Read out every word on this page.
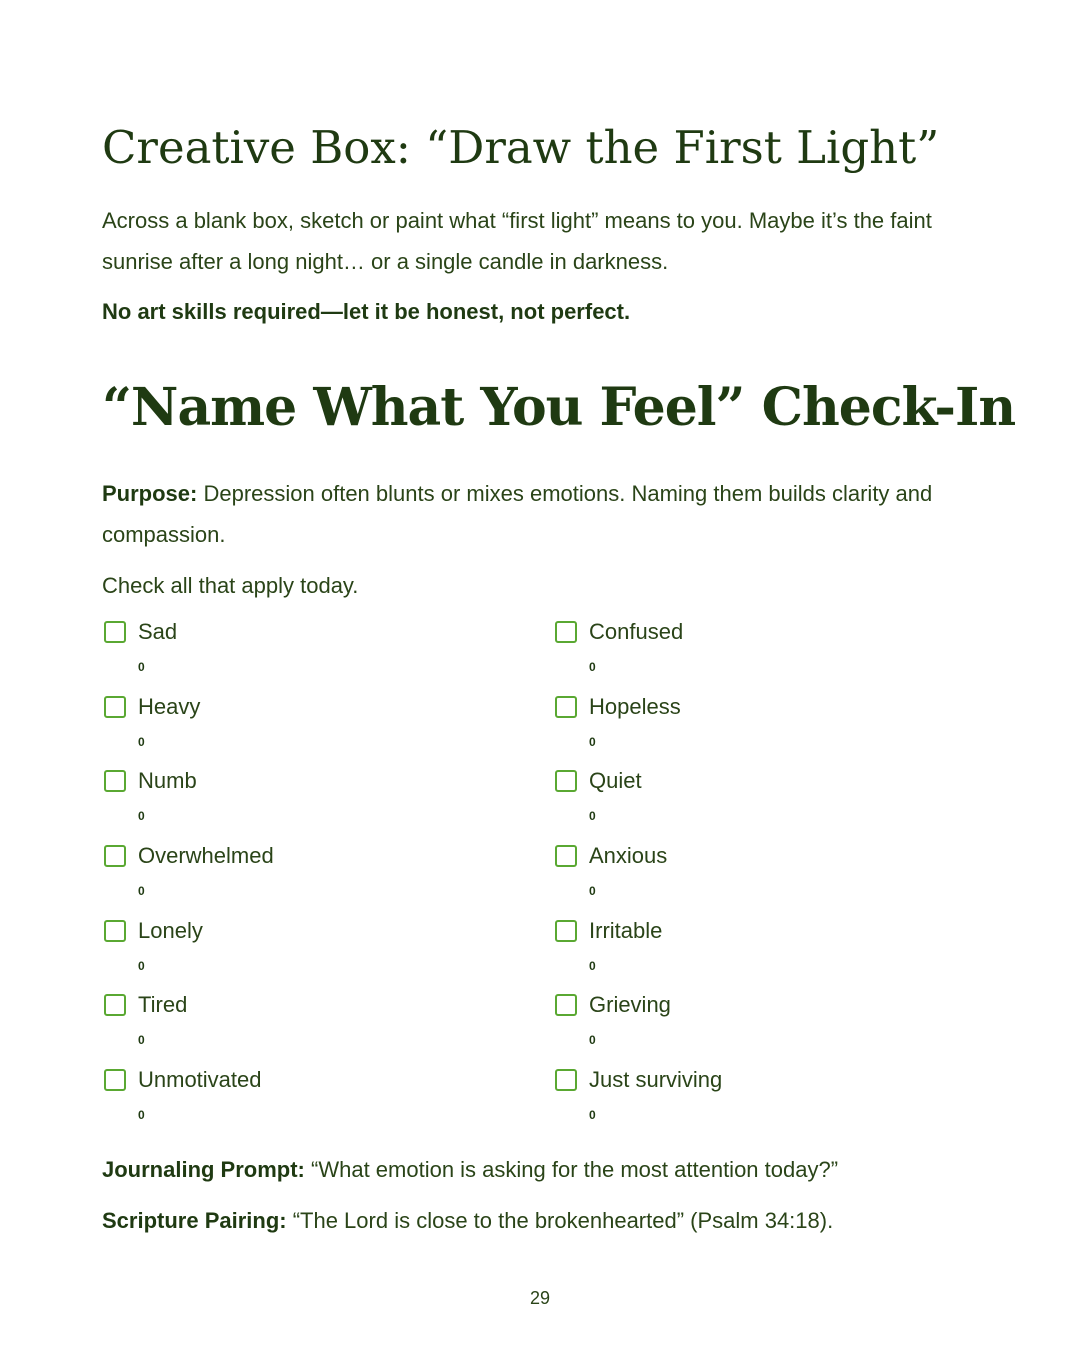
Creative Box: “Draw the First Light”

Across a blank box, sketch or paint what “first light” means to you. Maybe it’s the faint sunrise after a long night… or a single candle in darkness.

No art skills required—let it be honest, not perfect.

“Name What You Feel” Check-In

Purpose: Depression often blunts or mixes emotions. Naming them builds clarity and compassion.

Check all that apply today.

Sad
0
Confused
0
Heavy
0
Hopeless
0
Numb
0
Quiet
0
Overwhelmed
0
Anxious
0
Lonely
0
Irritable
0
Tired
0
Grieving
0
Unmotivated
0
Just surviving
0

Journaling Prompt: “What emotion is asking for the most attention today?”

Scripture Pairing: “The Lord is close to the brokenhearted” (Psalm 34:18).

29
